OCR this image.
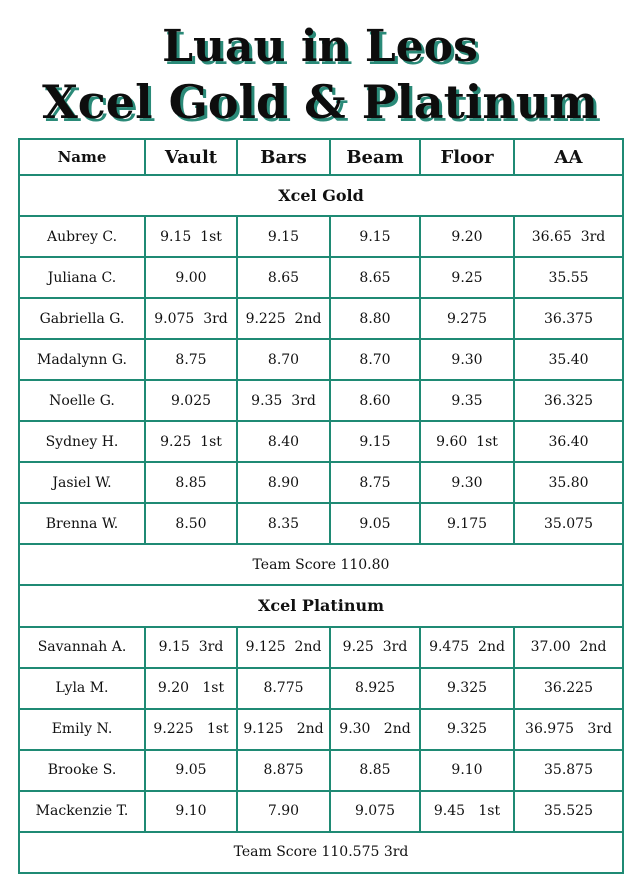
Luau in Leos
Xcel Gold & Platinum
Name	Vault	Bars	Beam	Floor	AA
Xcel Gold					
Aubrey C.	9.15  1st	9.15	9.15	9.20	36.65  3rd
Juliana C.	9.00	8.65	8.65	9.25	35.55
Gabriella G.	9.075  3rd	9.225  2nd	8.80	9.275	36.375
Madalynn G.	8.75	8.70	8.70	9.30	35.40
Noelle G.	9.025	9.35  3rd	8.60	9.35	36.325
Sydney H.	9.25  1st	8.40	9.15	9.60  1st	36.40
Jasiel W.	8.85	8.90	8.75	9.30	35.80
Brenna W.	8.50	8.35	9.05	9.175	35.075
Team Score 110.80					
Xcel Platinum					
Savannah A.	9.15  3rd	9.125  2nd	9.25  3rd	9.475  2nd	37.00  2nd
Lyla M.	9.20   1st	8.775	8.925	9.325	36.225
Emily N.	9.225   1st	9.125   2nd	9.30   2nd	9.325	36.975   3rd
Brooke S.	9.05	8.875	8.85	9.10	35.875
Mackenzie T.	9.10	7.90	9.075	9.45   1st	35.525
Team Score 110.575 3rd					
